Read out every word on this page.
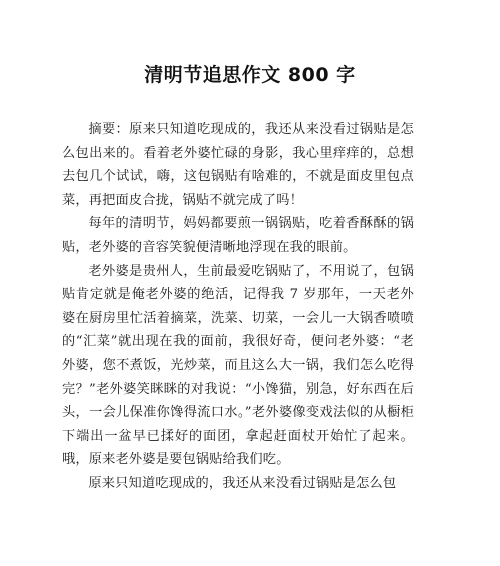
清明节追思作文 800 字

摘要：原来只知道吃现成的，我还从来没看过锅贴是怎么包出来的。看着老外婆忙碌的身影，我心里痒痒的，总想去包几个试试，嗨，这包锅贴有啥难的，不就是面皮里包点菜，再把面皮合拢，锅贴不就完成了吗！

每年的清明节，妈妈都要煎一锅锅贴，吃着香酥酥的锅贴，老外婆的音容笑貌便清晰地浮现在我的眼前。

老外婆是贵州人，生前最爱吃锅贴了，不用说了，包锅贴肯定就是俺老外婆的绝活，记得我 7 岁那年，一天老外婆在厨房里忙活着摘菜，洗菜、切菜，一会儿一大锅香喷喷的“汇菜”就出现在我的面前，我很好奇，便问老外婆：“老外婆，您不煮饭，光炒菜，而且这么大一锅，我们怎么吃得完？”老外婆笑眯眯的对我说：“小馋猫，别急，好东西在后头，一会儿保准你馋得流口水。”老外婆像变戏法似的从橱柜下端出一盆早已揉好的面团，拿起赶面杖开始忙了起来。哦，原来老外婆是要包锅贴给我们吃。

原来只知道吃现成的，我还从来没看过锅贴是怎么包
